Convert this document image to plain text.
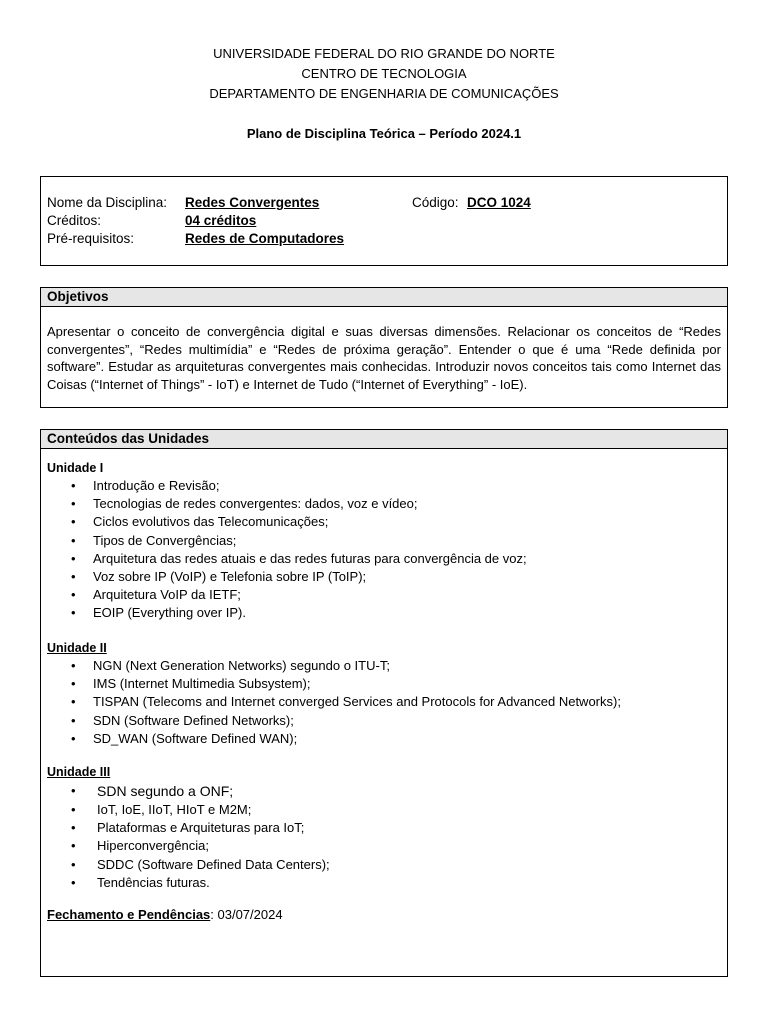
UNIVERSIDADE FEDERAL DO RIO GRANDE DO NORTE
CENTRO DE TECNOLOGIA
DEPARTAMENTO DE ENGENHARIA DE COMUNICAÇÕES
Plano de Disciplina Teórica – Período 2024.1
Nome da Disciplina:	Redes Convergentes	Código: DCO 1024
Créditos:	04 créditos
Pré-requisitos:	Redes de Computadores
Objetivos
Apresentar o conceito de convergência digital e suas diversas dimensões. Relacionar os conceitos de “Redes convergentes”, “Redes multimídia” e “Redes de próxima geração”. Entender o que é uma “Rede definida por software”. Estudar as arquiteturas convergentes mais conhecidas. Introduzir novos conceitos tais como Internet das Coisas (“Internet of Things” - IoT) e Internet de Tudo (“Internet of Everything” - IoE).
Conteúdos das Unidades
Unidade I
• Introdução e Revisão;
• Tecnologias de redes convergentes: dados, voz e vídeo;
• Ciclos evolutivos das Telecomunicações;
• Tipos de Convergências;
• Arquitetura das redes atuais e das redes futuras para convergência de voz;
• Voz sobre IP (VoIP) e Telefonia sobre IP (ToIP);
• Arquitetura VoIP da IETF;
• EOIP (Everything over IP).
Unidade II
• NGN (Next Generation Networks) segundo o ITU-T;
• IMS (Internet Multimedia Subsystem);
• TISPAN (Telecoms and Internet converged Services and Protocols for Advanced Networks);
• SDN (Software Defined Networks);
• SD_WAN (Software Defined WAN);
Unidade III
• SDN segundo a ONF;
• IoT, IoE, IIoT, HIoT e M2M;
• Plataformas e Arquiteturas para IoT;
• Hiperconvergência;
• SDDC (Software Defined Data Centers);
• Tendências futuras.
Fechamento e Pendências: 03/07/2024
